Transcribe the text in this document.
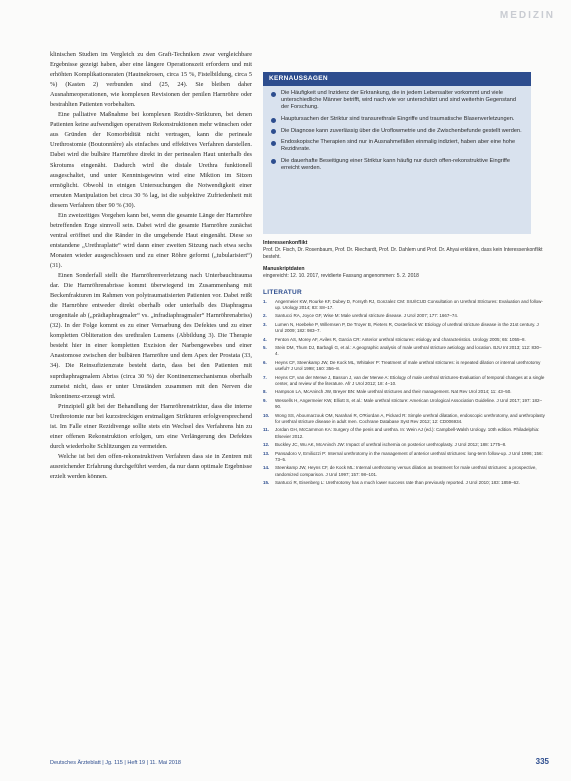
MEDIZIN

klinischen Studien im Vergleich zu den Graft-Techniken zwar vergleichbare Ergebnisse gezeigt haben, aber eine längere Operationszeit erfordern und mit erhöhten Komplikationsraten (Hautnekrosen, circa 15 %, Fistelbildung, circa 5 %) (Kasten 2) verbunden sind (25, 24). Sie bleiben daher Ausnahmeoperationen, wie komplexen Revisionen der penilen Harnröhre oder bestrahlten Patienten vorbehalten.

Eine palliative Maßnahme bei komplexen Rezidiv-Strikturen, bei denen Patienten keine aufwendigen operativen Rekonstruktionen mehr wünschen oder aus Gründen der Komorbidität nicht vertragen, kann die perineale Urethrostomie (Boutonnière) als einfaches und effektives Verfahren darstellen. Dabei wird die bulbäre Harnröhre direkt in der perinealen Haut unterhalb des Skrotums eingenäht. Dadurch wird die distale Urethra funktionell ausgeschaltet, und unter Kenntnisgewinn wird eine Miktion im Sitzen ermöglicht. Obwohl in einigen Untersuchungen die Notwendigkeit einer erneuten Manipulation bei circa 30 % lag, ist die subjektive Zufriedenheit mit diesem Verfahren über 90 % (30).

Ein zweizeitiges Vorgehen kann bei, wenn die gesamte Länge der Harnröhre betreffenden Enge sinnvoll sein. Dabei wird die gesamte Harnröhre zunächst ventral eröffnet und die Ränder in die umgebende Haut eingenäht. Diese so entstandene „Urethraplatte“ wird dann einer zweiten Sitzung nach etwa sechs Monaten wieder ausgeschlossen und zu einer Röhre geformt („tubularisiert“) (31).

Einen Sonderfall stellt die Harnröhrenverletzung nach Unterbauchtrauma dar. Die Harnröhrenabrisse kommt überwiegend im Zusammenhang mit Beckenfrakturen im Rahmen von polytraumatisierten Patienten vor. Dabei reißt die Harnröhre entweder direkt oberhalb oder unterhalb des Diaphragma urogenitale ab („prädiaphragmaler“ vs. „infradiaphragmaler“ Harnröhrenabriss) (32). In der Folge kommt es zu einer Vernarbung des Defektes und zu einer kompletten Obliteration des urethralen Lumens (Abbildung 3). Die Therapie besteht hier in einer kompletten Exzision der Narbengewebes und einer Anastomose zwischen der bulbären Harnröhre und dem Apex der Prostata (33, 34). Die Reinsufizienzrate besteht darin, dass bei den Patienten mit suprdiaphragmalem Abriss (circa 30 %) der Kontinenzmechanismus oberhalb zumeist nicht, dass er unter Umständen zusammen mit den Nerven die Inkontinenz-erzeugt wird.

Prinzipiell gilt bei der Behandlung der Harnröhrenstriktur, dass die interne Urethrotomie nur bei kurzstreckigen erstmaligen Strikturen erfolgversprechend ist. Im Falle einer Rezidivenge sollte stets ein Wechsel des Verfahrens hin zu einer offenen Rekonstruktion erfolgen, um eine Verlängerung des Defektes durch wiederholte Schlitzungen zu vermeiden.

Welche ist bei den offen-rekonstruktiven Verfahren dass sie in Zentren mit ausreichender Erfahrung durchgeführt werden, da nur dann optimale Ergebnisse erzielt werden können.

KERNAUSSAGEN
Die Häufigkeit und Inzidenz der Erkrankung, die in jedem Lebensalter vorkommt und viele unterschiedliche Männer betrifft, wird nach wie vor unterschätzt und sind weiterhin Gegenstand der Forschung.
Hauptursachen der Striktur sind transurethrale Eingriffe und traumatische Blasenverletzungen.
Die Diagnose kann zuverlässig über die Uroflowmetrie und die Zwischenbefunde gestellt werden.
Endoskopische Therapien sind nur in Ausnahmefällen einmalig indiziert, haben aber eine hohe Rezidivrate.
Die dauerhafte Beseitigung einer Striktur kann häufig nur durch offen-rekonstruktive Eingriffe erreicht werden.
Interessenkonflikt
Prof. Dr. Fisch, Dr. Rosenbaum, Prof. Dr. Riechardt, Prof. Dr. Dahlem und Prof. Dr. Ahyai erklären, dass kein Interessenkonflikt besteht.
Manuskriptdaten
eingereicht: 12. 10. 2017, revidierte Fassung angenommen: 5. 2. 2018
LITERATUR
1. Angermeier KW, Rourke KF, Dubey D, Forsyth RJ, Gonzalez CM: SIU/ICUD Consultation on Urethral Strictures: Evaluation and follow-up. Urology 2014; 83: S8–17.
2. Santucci RA, Joyce GF, Wise M: Male urethral stricture disease. J Urol 2007; 177: 1667–74.
3. Lumen N, Hoebeke P, Willemsen P, De Troyer B, Pieters R, Oosterlinck W: Etiology of urethral stricture disease in the 21st century. J Urol 2009; 182: 983–7.
4. Fenton AS, Morey AF, Aviles R, Garcia CR: Anterior urethral strictures: etiology and characteristics. Urology 2005; 65: 1055–8.
5. Stein DM, Thum DJ, Barbagli G, et al.: A geographic analysis of male urethral stricture aetiology and location. BJU Int 2013; 112: 830–4.
6. Heyns CF, Steenkamp JW, De Kock ML, Whitaker P: Treatment of male urethral strictures: is repeated dilation or internal urethrotomy useful? J Urol 1998; 160: 356–8.
7. Heyns CF, van der Merwe J, Basson J, van der Merwe A: Etiology of male urethral strictures-Evaluation of temporal changes at a single center, and review of the literature. Afr J Urol 2012; 18: 4–10.
8. Hampson LA, McAninch JW, Breyer BN: Male urethral strictures and their management. Nat Rev Urol 2014; 11: 43–50.
9. Wessells H, Angermeier KW, Elliott S, et al.: Male urethral stricture: American Urological Association Guideline. J Urol 2017; 197: 182–90.
10. Wong SS, Aboumarzouk OM, Narahari R, O'Riordan A, Pickard R: Simple urethral dilatation, endoscopic urethrotomy, and urethroplasty for urethral stricture disease in adult men. Cochrane Database Syst Rev 2012; 12: CD006934.
11. Jordan GH, McCammon KA: Surgery of the penis and urethra. In: Wein AJ (ed.): Campbell-Walsh Urology. 10th edition. Philadelphia: Elsevier 2012.
12. Buckley JC, Wu AK, McAninch JW: Impact of urethral ischemia on posterior urethroplasty. J Urol 2012; 188: 1775–8.
13. Pansadoro V, Emiliozzi P: Internal urethrotomy in the management of anterior urethral strictures: long-term follow-up. J Urol 1996; 156: 73–5.
14. Steenkamp JW, Heyns CF, de Kock ML: Internal urethrotomy versus dilation as treatment for male urethral strictures: a prospective, randomized comparison. J Urol 1997; 157: 98–101.
15. Santucci R, Eisenberg L: Urethrotomy has a much lower success rate than previously reported. J Urol 2010; 183: 1859–62.
Deutsches Ärzteblatt | Jg. 115 | Heft 19 | 11. Mai 2018	335
